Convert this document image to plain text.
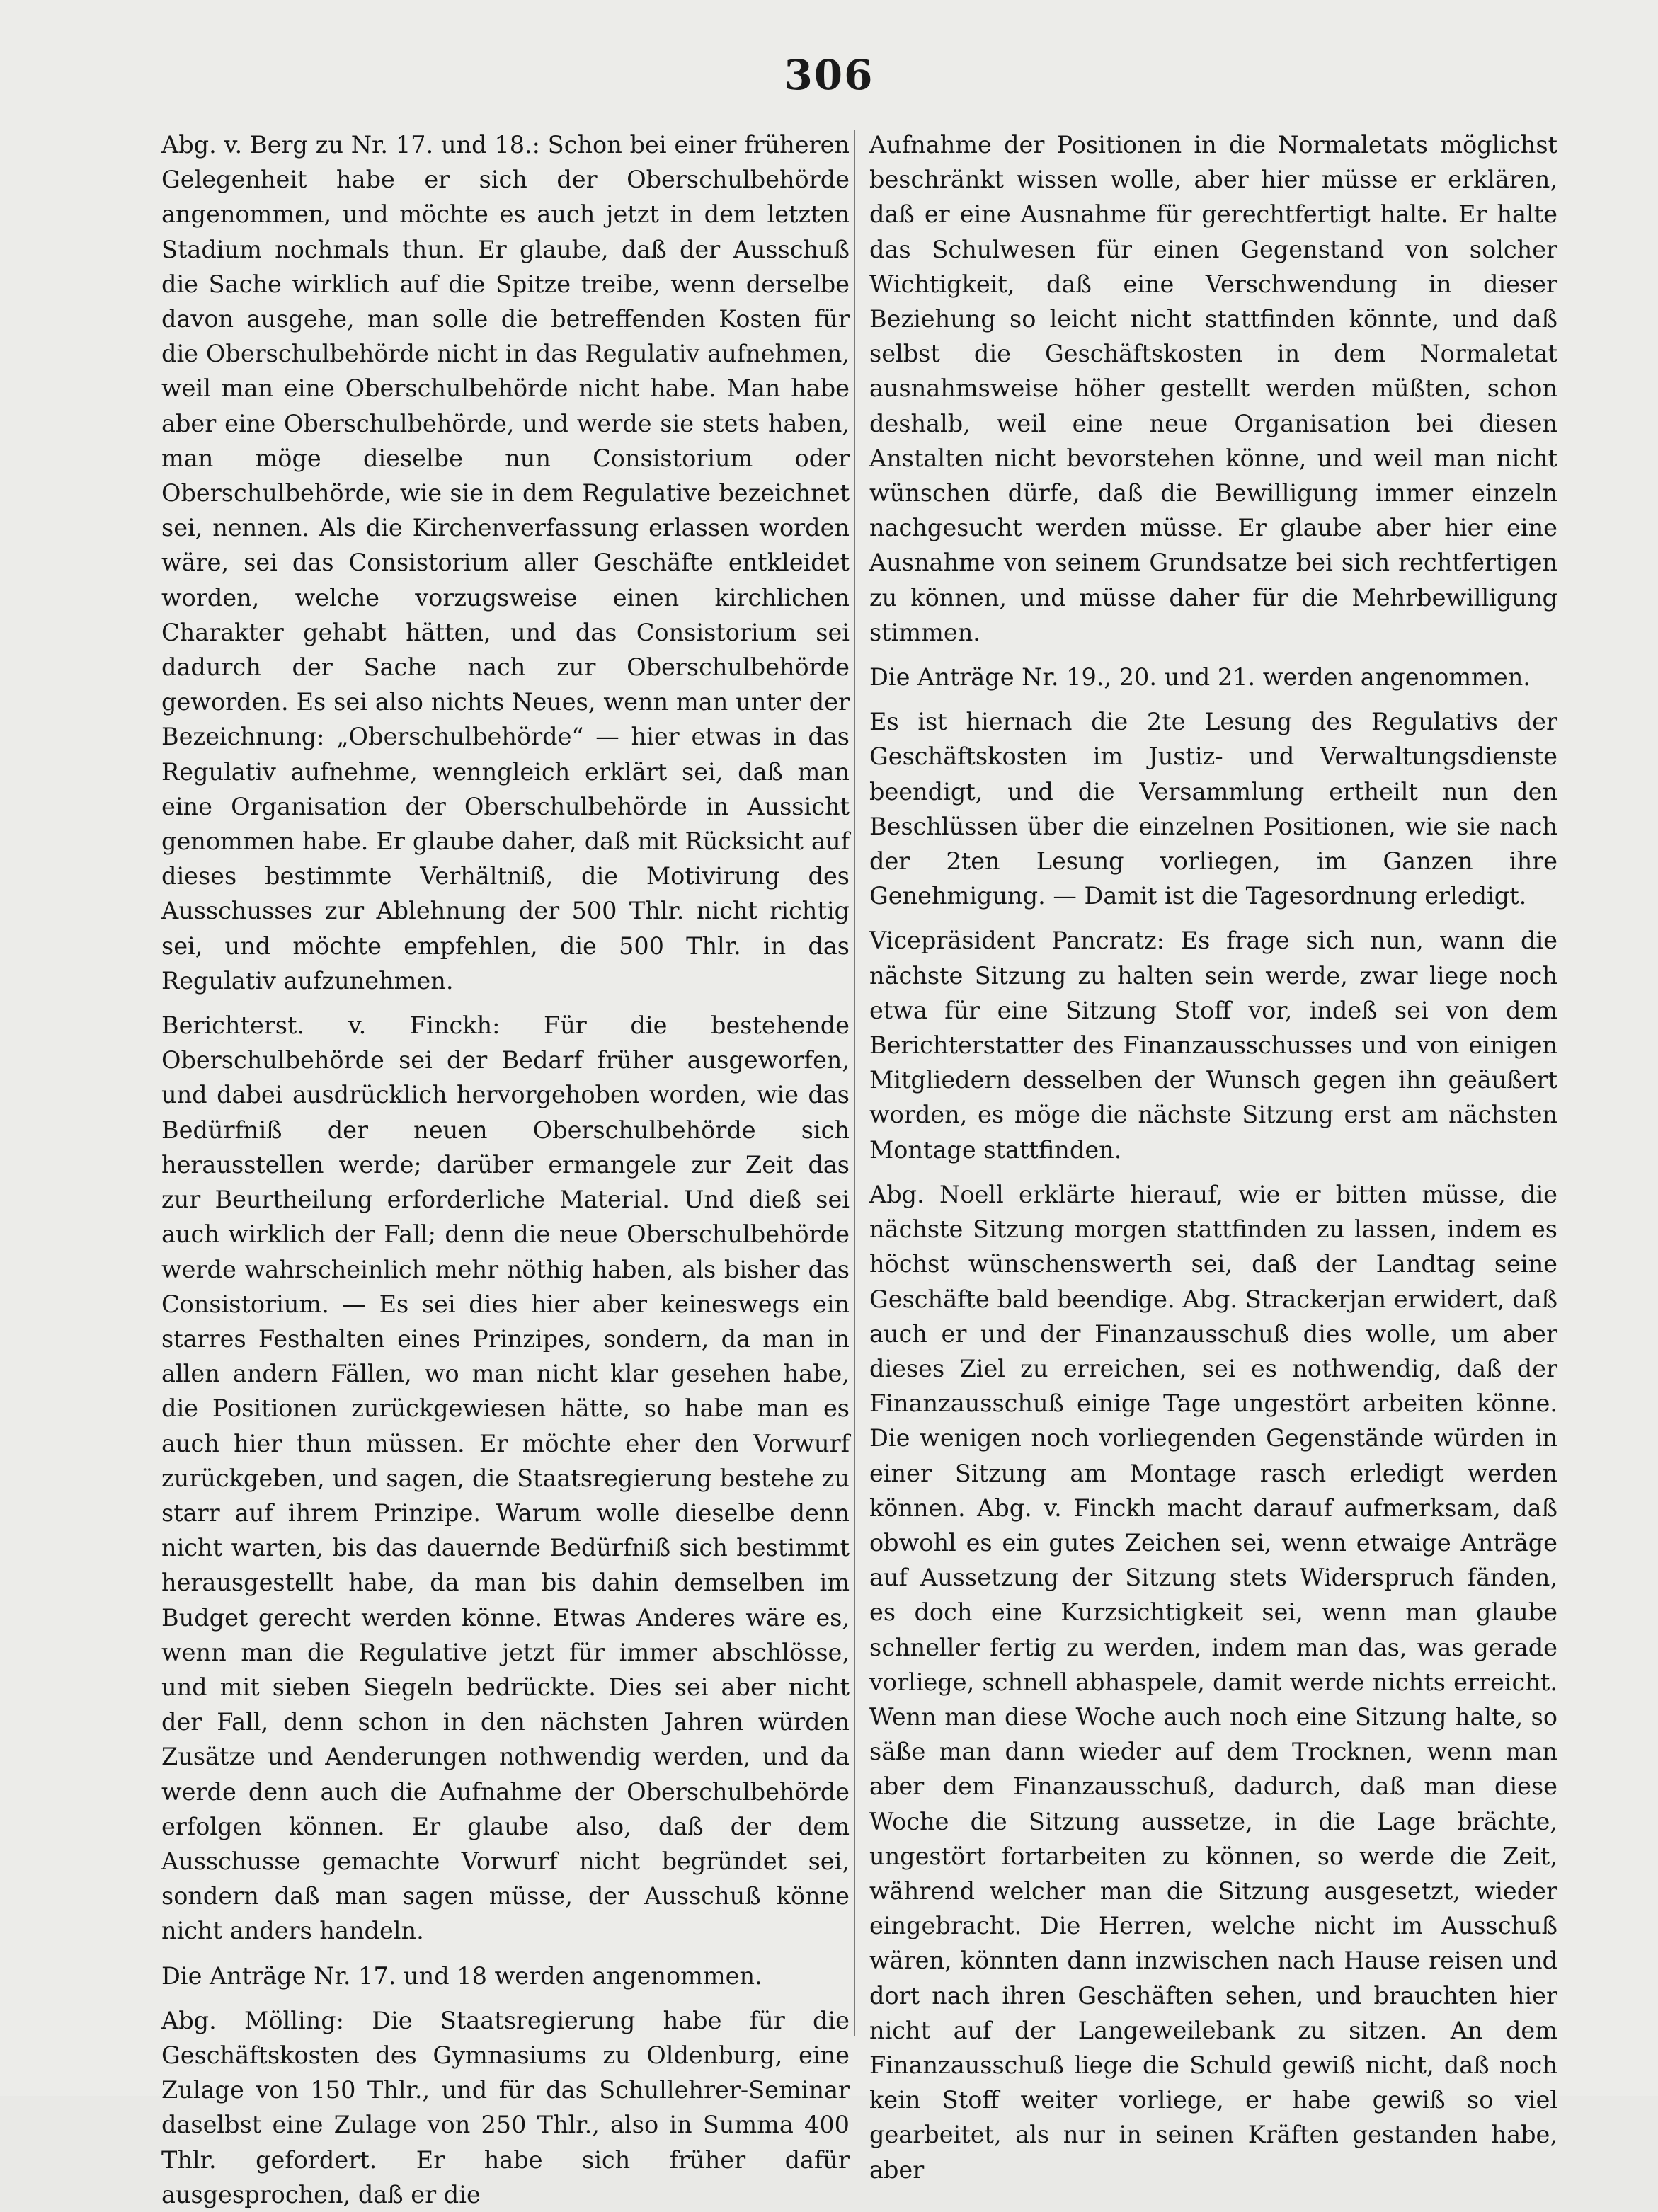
306

Abg. v. Berg zu Nr. 17. und 18.: Schon bei einer früheren Gelegenheit habe er sich der Oberschulbehörde angenommen, und möchte es auch jetzt in dem letzten Stadium nochmals thun. Er glaube, daß der Ausschuß die Sache wirklich auf die Spitze treibe, wenn derselbe davon ausgehe, man solle die betreffenden Kosten für die Oberschulbehörde nicht in das Regulativ aufnehmen, weil man eine Oberschulbehörde nicht habe. Man habe aber eine Oberschulbehörde, und werde sie stets haben, man möge dieselbe nun Consistorium oder Oberschulbehörde, wie sie in dem Regulative bezeichnet sei, nennen. Als die Kirchenverfassung erlassen worden wäre, sei das Consistorium aller Geschäfte entkleidet worden, welche vorzugsweise einen kirchlichen Charakter gehabt hätten, und das Consistorium sei dadurch der Sache nach zur Oberschulbehörde geworden. Es sei also nichts Neues, wenn man unter der Bezeichnung: „Oberschulbehörde“ — hier etwas in das Regulativ aufnehme, wenngleich erklärt sei, daß man eine Organisation der Oberschulbehörde in Aussicht genommen habe. Er glaube daher, daß mit Rücksicht auf dieses bestimmte Verhältniß, die Motivirung des Ausschusses zur Ablehnung der 500 Thlr. nicht richtig sei, und möchte empfehlen, die 500 Thlr. in das Regulativ aufzunehmen.

Berichterst. v. Finckh: Für die bestehende Oberschulbehörde sei der Bedarf früher ausgeworfen, und dabei ausdrücklich hervorgehoben worden, wie das Bedürfniß der neuen Oberschulbehörde sich herausstellen werde; darüber ermangele zur Zeit das zur Beurtheilung erforderliche Material. Und dieß sei auch wirklich der Fall; denn die neue Oberschulbehörde werde wahrscheinlich mehr nöthig haben, als bisher das Consistorium. — Es sei dies hier aber keineswegs ein starres Festhalten eines Prinzipes, sondern, da man in allen andern Fällen, wo man nicht klar gesehen habe, die Positionen zurückgewiesen hätte, so habe man es auch hier thun müssen. Er möchte eher den Vorwurf zurückgeben, und sagen, die Staatsregierung bestehe zu starr auf ihrem Prinzipe. Warum wolle dieselbe denn nicht warten, bis das dauernde Bedürfniß sich bestimmt herausgestellt habe, da man bis dahin demselben im Budget gerecht werden könne. Etwas Anderes wäre es, wenn man die Regulative jetzt für immer abschlösse, und mit sieben Siegeln bedrückte. Dies sei aber nicht der Fall, denn schon in den nächsten Jahren würden Zusätze und Aenderungen nothwendig werden, und da werde denn auch die Aufnahme der Oberschulbehörde erfolgen können. Er glaube also, daß der dem Ausschusse gemachte Vorwurf nicht begründet sei, sondern daß man sagen müsse, der Ausschuß könne nicht anders handeln.

Die Anträge Nr. 17. und 18 werden angenommen.

Abg. Mölling: Die Staatsregierung habe für die Geschäftskosten des Gymnasiums zu Oldenburg, eine Zulage von 150 Thlr., und für das Schullehrer-Seminar daselbst eine Zulage von 250 Thlr., also in Summa 400 Thlr. gefordert. Er habe sich früher dafür ausgesprochen, daß er die

Aufnahme der Positionen in die Normaletats möglichst beschränkt wissen wolle, aber hier müsse er erklären, daß er eine Ausnahme für gerechtfertigt halte. Er halte das Schulwesen für einen Gegenstand von solcher Wichtigkeit, daß eine Verschwendung in dieser Beziehung so leicht nicht stattfinden könnte, und daß selbst die Geschäftskosten in dem Normaletat ausnahmsweise höher gestellt werden müßten, schon deshalb, weil eine neue Organisation bei diesen Anstalten nicht bevorstehen könne, und weil man nicht wünschen dürfe, daß die Bewilligung immer einzeln nachgesucht werden müsse. Er glaube aber hier eine Ausnahme von seinem Grundsatze bei sich rechtfertigen zu können, und müsse daher für die Mehrbewilligung stimmen.

Die Anträge Nr. 19., 20. und 21. werden angenommen.

Es ist hiernach die 2te Lesung des Regulativs der Geschäftskosten im Justiz- und Verwaltungsdienste beendigt, und die Versammlung ertheilt nun den Beschlüssen über die einzelnen Positionen, wie sie nach der 2ten Lesung vorliegen, im Ganzen ihre Genehmigung. — Damit ist die Tagesordnung erledigt.

Vicepräsident Pancratz: Es frage sich nun, wann die nächste Sitzung zu halten sein werde, zwar liege noch etwa für eine Sitzung Stoff vor, indeß sei von dem Berichterstatter des Finanzausschusses und von einigen Mitgliedern desselben der Wunsch gegen ihn geäußert worden, es möge die nächste Sitzung erst am nächsten Montage stattfinden.

Abg. Noell erklärte hierauf, wie er bitten müsse, die nächste Sitzung morgen stattfinden zu lassen, indem es höchst wünschenswerth sei, daß der Landtag seine Geschäfte bald beendige. Abg. Strackerjan erwidert, daß auch er und der Finanzausschuß dies wolle, um aber dieses Ziel zu erreichen, sei es nothwendig, daß der Finanzausschuß einige Tage ungestört arbeiten könne. Die wenigen noch vorliegenden Gegenstände würden in einer Sitzung am Montage rasch erledigt werden können. Abg. v. Finckh macht darauf aufmerksam, daß obwohl es ein gutes Zeichen sei, wenn etwaige Anträge auf Aussetzung der Sitzung stets Widerspruch fänden, es doch eine Kurzsichtigkeit sei, wenn man glaube schneller fertig zu werden, indem man das, was gerade vorliege, schnell abhaspele, damit werde nichts erreicht. Wenn man diese Woche auch noch eine Sitzung halte, so säße man dann wieder auf dem Trocknen, wenn man aber dem Finanzausschuß, dadurch, daß man diese Woche die Sitzung aussetze, in die Lage brächte, ungestört fortarbeiten zu können, so werde die Zeit, während welcher man die Sitzung ausgesetzt, wieder eingebracht. Die Herren, welche nicht im Ausschuß wären, könnten dann inzwischen nach Hause reisen und dort nach ihren Geschäften sehen, und brauchten hier nicht auf der Langeweilebank zu sitzen. An dem Finanzausschuß liege die Schuld gewiß nicht, daß noch kein Stoff weiter vorliege, er habe gewiß so viel gearbeitet, als nur in seinen Kräften gestanden habe, aber
